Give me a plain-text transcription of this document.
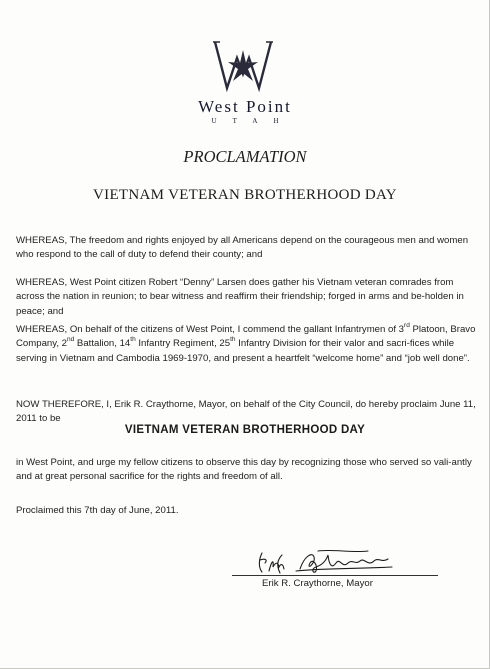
West Point

UTAH

PROCLAMATION
VIETNAM VETERAN BROTHERHOOD DAY

WHEREAS, The freedom and rights enjoyed by all Americans depend on the courageous men and women who respond to the call of duty to defend their county; and

WHEREAS, West Point citizen Robert “Denny” Larsen does gather his Vietnam veteran comrades from across the nation in reunion; to bear witness and reaffirm their friendship; forged in arms and be-holden in peace; and

WHEREAS, On behalf of the citizens of West Point, I commend the gallant Infantrymen of 3rd Platoon, Bravo Company, 2nd Battalion, 14th Infantry Regiment, 25th Infantry Division for their valor and sacri-fices while serving in Vietnam and Cambodia 1969-1970, and present a heartfelt “welcome home” and “job well done”.

NOW THEREFORE, I, Erik R. Craythorne, Mayor, on behalf of the City Council, do hereby proclaim June 11, 2011 to be

VIETNAM VETERAN BROTHERHOOD DAY

in West Point, and urge my fellow citizens to observe this day by recognizing those who served so vali-antly and at great personal sacrifice for the rights and freedom of all.

Proclaimed this 7th day of June, 2011.

Erik R. Craythorne, Mayor
